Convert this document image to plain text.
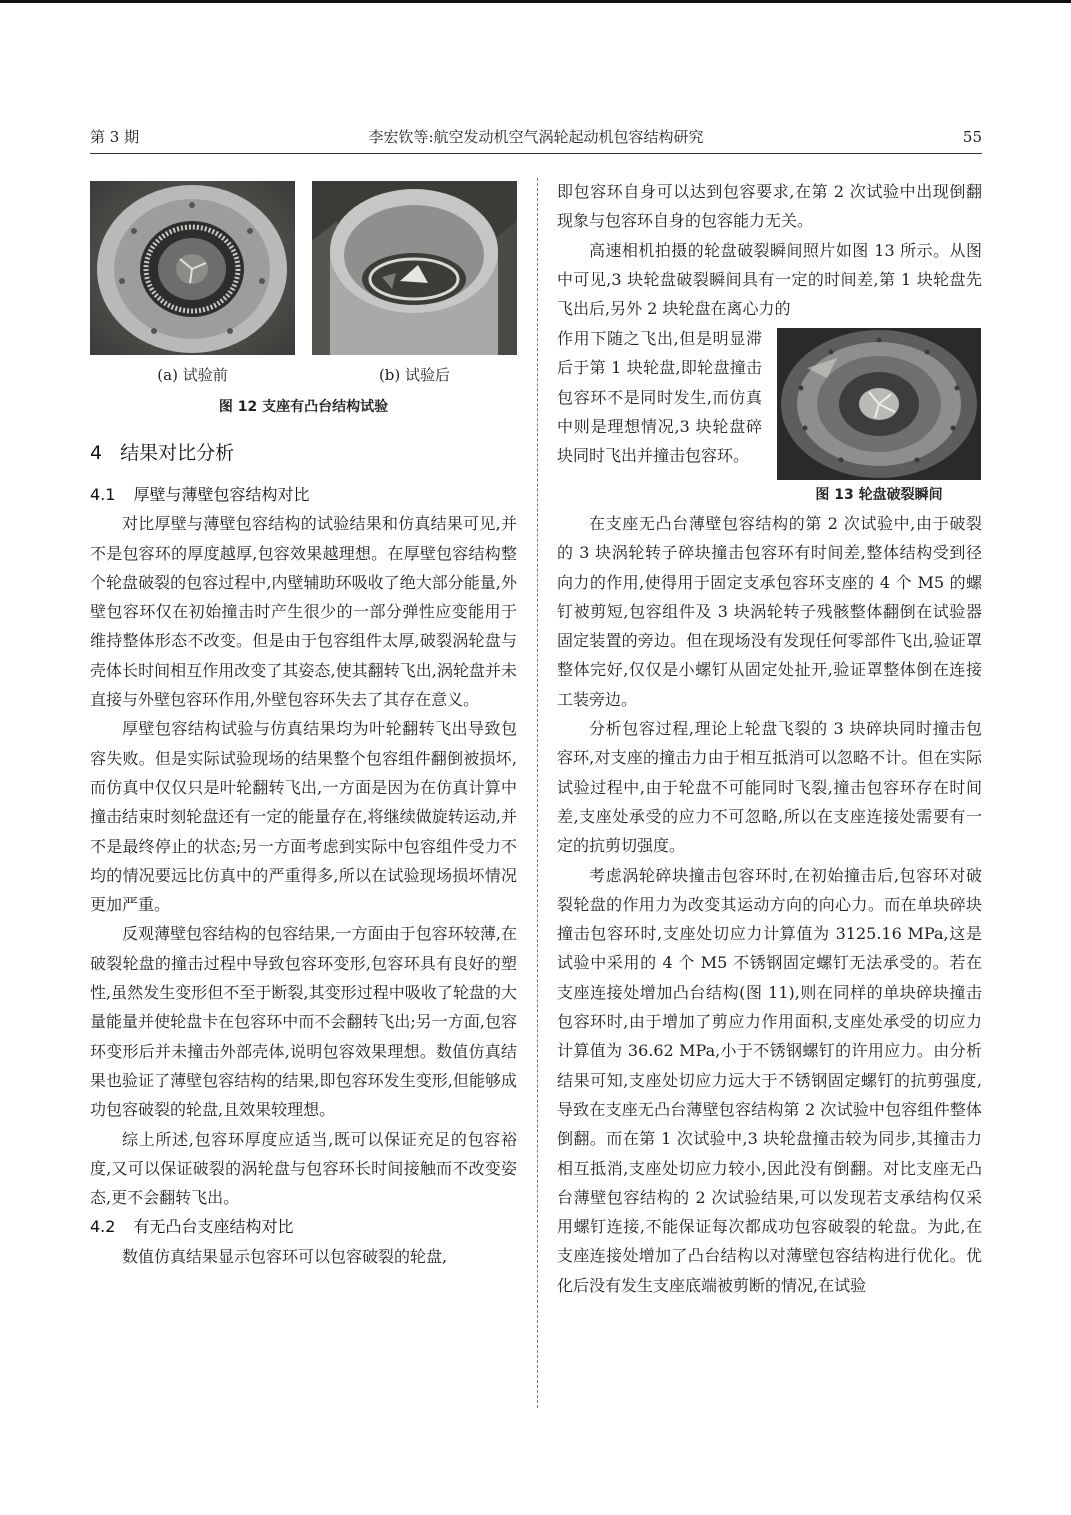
第 3 期	李宏钦等:航空发动机空气涡轮起动机包容结构研究	55
(a) 试验前	(b) 试验后
图 12 支座有凸台结构试验
4 结果对比分析

4.1 厚壁与薄壁包容结构对比

对比厚壁与薄壁包容结构的试验结果和仿真结果可见,并不是包容环的厚度越厚,包容效果越理想。在厚壁包容结构整个轮盘破裂的包容过程中,内壁辅助环吸收了绝大部分能量,外壁包容环仅在初始撞击时产生很少的一部分弹性应变能用于维持整体形态不改变。但是由于包容组件太厚,破裂涡轮盘与壳体长时间相互作用改变了其姿态,使其翻转飞出,涡轮盘并未直接与外壁包容环作用,外壁包容环失去了其存在意义。

厚壁包容结构试验与仿真结果均为叶轮翻转飞出导致包容失败。但是实际试验现场的结果整个包容组件翻倒被损坏,而仿真中仅仅只是叶轮翻转飞出,一方面是因为在仿真计算中撞击结束时刻轮盘还有一定的能量存在,将继续做旋转运动,并不是最终停止的状态;另一方面考虑到实际中包容组件受力不均的情况要远比仿真中的严重得多,所以在试验现场损坏情况更加严重。

反观薄壁包容结构的包容结果,一方面由于包容环较薄,在破裂轮盘的撞击过程中导致包容环变形,包容环具有良好的塑性,虽然发生变形但不至于断裂,其变形过程中吸收了轮盘的大量能量并使轮盘卡在包容环中而不会翻转飞出;另一方面,包容环变形后并未撞击外部壳体,说明包容效果理想。数值仿真结果也验证了薄壁包容结构的结果,即包容环发生变形,但能够成功包容破裂的轮盘,且效果较理想。

综上所述,包容环厚度应适当,既可以保证充足的包容裕度,又可以保证破裂的涡轮盘与包容环长时间接触而不改变姿态,更不会翻转飞出。

4.2 有无凸台支座结构对比

数值仿真结果显示包容环可以包容破裂的轮盘,

即包容环自身可以达到包容要求,在第 2 次试验中出现倒翻现象与包容环自身的包容能力无关。

高速相机拍摄的轮盘破裂瞬间照片如图 13 所示。从图中可见,3 块轮盘破裂瞬间具有一定的时间差,第 1 块轮盘先飞出后,另外 2 块轮盘在离心力的

作用下随之飞出,但是明显滞后于第 1 块轮盘,即轮盘撞击包容环不是同时发生,而仿真中则是理想情况,3 块轮盘碎块同时飞出并撞击包容环。

图 13 轮盘破裂瞬间

在支座无凸台薄壁包容结构的第 2 次试验中,由于破裂的 3 块涡轮转子碎块撞击包容环有时间差,整体结构受到径向力的作用,使得用于固定支承包容环支座的 4 个 M5 的螺钉被剪短,包容组件及 3 块涡轮转子残骸整体翻倒在试验器固定装置的旁边。但在现场没有发现任何零部件飞出,验证罩整体完好,仅仅是小螺钉从固定处扯开,验证罩整体倒在连接工装旁边。

分析包容过程,理论上轮盘飞裂的 3 块碎块同时撞击包容环,对支座的撞击力由于相互抵消可以忽略不计。但在实际试验过程中,由于轮盘不可能同时飞裂,撞击包容环存在时间差,支座处承受的应力不可忽略,所以在支座连接处需要有一定的抗剪切强度。

考虑涡轮碎块撞击包容环时,在初始撞击后,包容环对破裂轮盘的作用力为改变其运动方向的向心力。而在单块碎块撞击包容环时,支座处切应力计算值为 3125.16 MPa,这是试验中采用的 4 个 M5 不锈钢固定螺钉无法承受的。若在支座连接处增加凸台结构(图 11),则在同样的单块碎块撞击包容环时,由于增加了剪应力作用面积,支座处承受的切应力计算值为 36.62 MPa,小于不锈钢螺钉的许用应力。由分析结果可知,支座处切应力远大于不锈钢固定螺钉的抗剪强度,导致在支座无凸台薄壁包容结构第 2 次试验中包容组件整体倒翻。而在第 1 次试验中,3 块轮盘撞击较为同步,其撞击力相互抵消,支座处切应力较小,因此没有倒翻。对比支座无凸台薄壁包容结构的 2 次试验结果,可以发现若支承结构仅采用螺钉连接,不能保证每次都成功包容破裂的轮盘。为此,在支座连接处增加了凸台结构以对薄壁包容结构进行优化。优化后没有发生支座底端被剪断的情况,在试验
